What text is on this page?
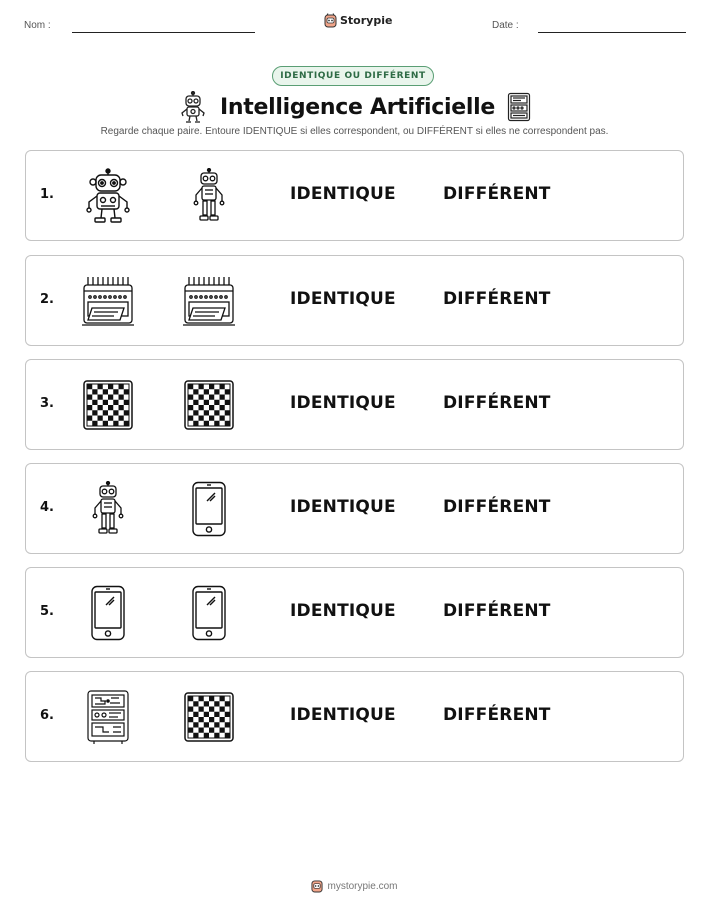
Nom :	Storypie	Date :
IDENTIQUE OU DIFFÉRENT
Intelligence Artificielle
Regarde chaque paire. Entoure IDENTIQUE si elles correspondent, ou DIFFÉRENT si elles ne correspondent pas.
1.	IDENTIQUE	DIFFÉRENT
2.	IDENTIQUE	DIFFÉRENT
3.	IDENTIQUE	DIFFÉRENT
4.	IDENTIQUE	DIFFÉRENT
5.	IDENTIQUE	DIFFÉRENT
6.	IDENTIQUE	DIFFÉRENT
mystorypie.com
